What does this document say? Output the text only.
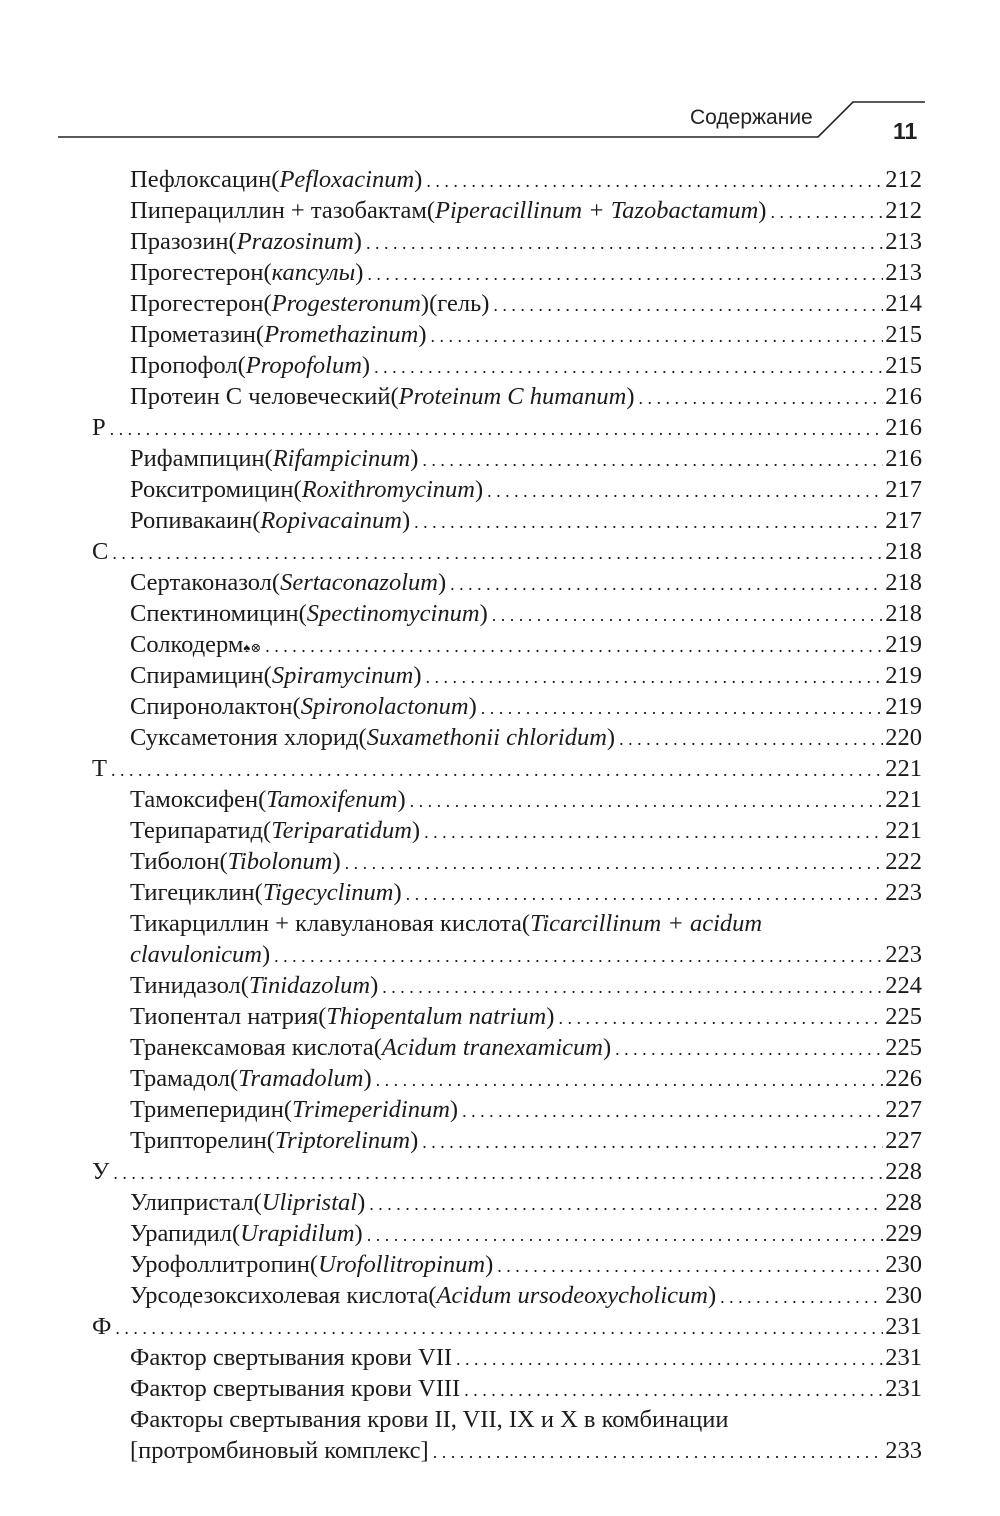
Содержание
11
Пефлоксацин ( Pefloxacinum ) . . .	212
Пиперациллин + тазобактам ( Piperacillinum + Tazobactamum ) . . .	212
Празозин ( Prazosinum ) . . .	213
Прогестерон ( капсулы ) . . .	213
Прогестерон ( Progesteronum ) (гель) . . .	214
Прометазин ( Promethazinum ) . . .	215
Пропофол ( Propofolum ) . . .	215
Протеин С человеческий ( Proteinum C humanum ) . . .	216
Р . . .	216
Рифампицин ( Rifampicinum ) . . .	216
Рокситромицин ( Roxithromycinum ) . . .	217
Ропивакаин ( Ropivacainum ) . . .	217
С . . .	218
Сертаконазол ( Sertaconazolum ) . . .	218
Спектиномицин ( Spectinomycinum ) . . .	218
Солкодерм ♠⊗ . . .	219
Спирамицин ( Spiramycinum ) . . .	219
Спиронолактон ( Spironolactonum ) . . .	219
Суксаметония хлорид ( Suxamethonii chloridum ) . . .	220
Т . . .	221
Тамоксифен ( Tamoxifenum ) . . .	221
Терипаратид ( Teriparatidum ) . . .	221
Тиболон ( Tibolonum ) . . .	222
Тигециклин ( Tigecyclinum ) . . .	223
Тикарциллин + клавулановая кислота ( Ticarcillinum + acidum
clavulonicum ) . . .	223
Тинидазол ( Tinidazolum ) . . .	224
Тиопентал натрия ( Thiopentalum natrium ) . . .	225
Транексамовая кислота ( Acidum tranexamicum ) . . .	225
Трамадол ( Tramadolum ) . . .	226
Тримеперидин ( Trimeperidinum ) . . .	227
Трипторелин ( Triptorelinum ) . . .	227
У . . .	228
Улипристал ( Ulipristal ) . . .	228
Урапидил ( Urapidilum ) . . .	229
Урофоллитропин ( Urofollitropinum ) . . .	230
Урсодезоксихолевая кислота ( Acidum ursodeoxycholicum ) . . .	230
Ф . . .	231
Фактор свертывания крови VII . . .	231
Фактор свертывания крови VIII . . .	231
Факторы свертывания крови II, VII, IX и X в комбинации
[протромбиновый комплекс] . . .	233
